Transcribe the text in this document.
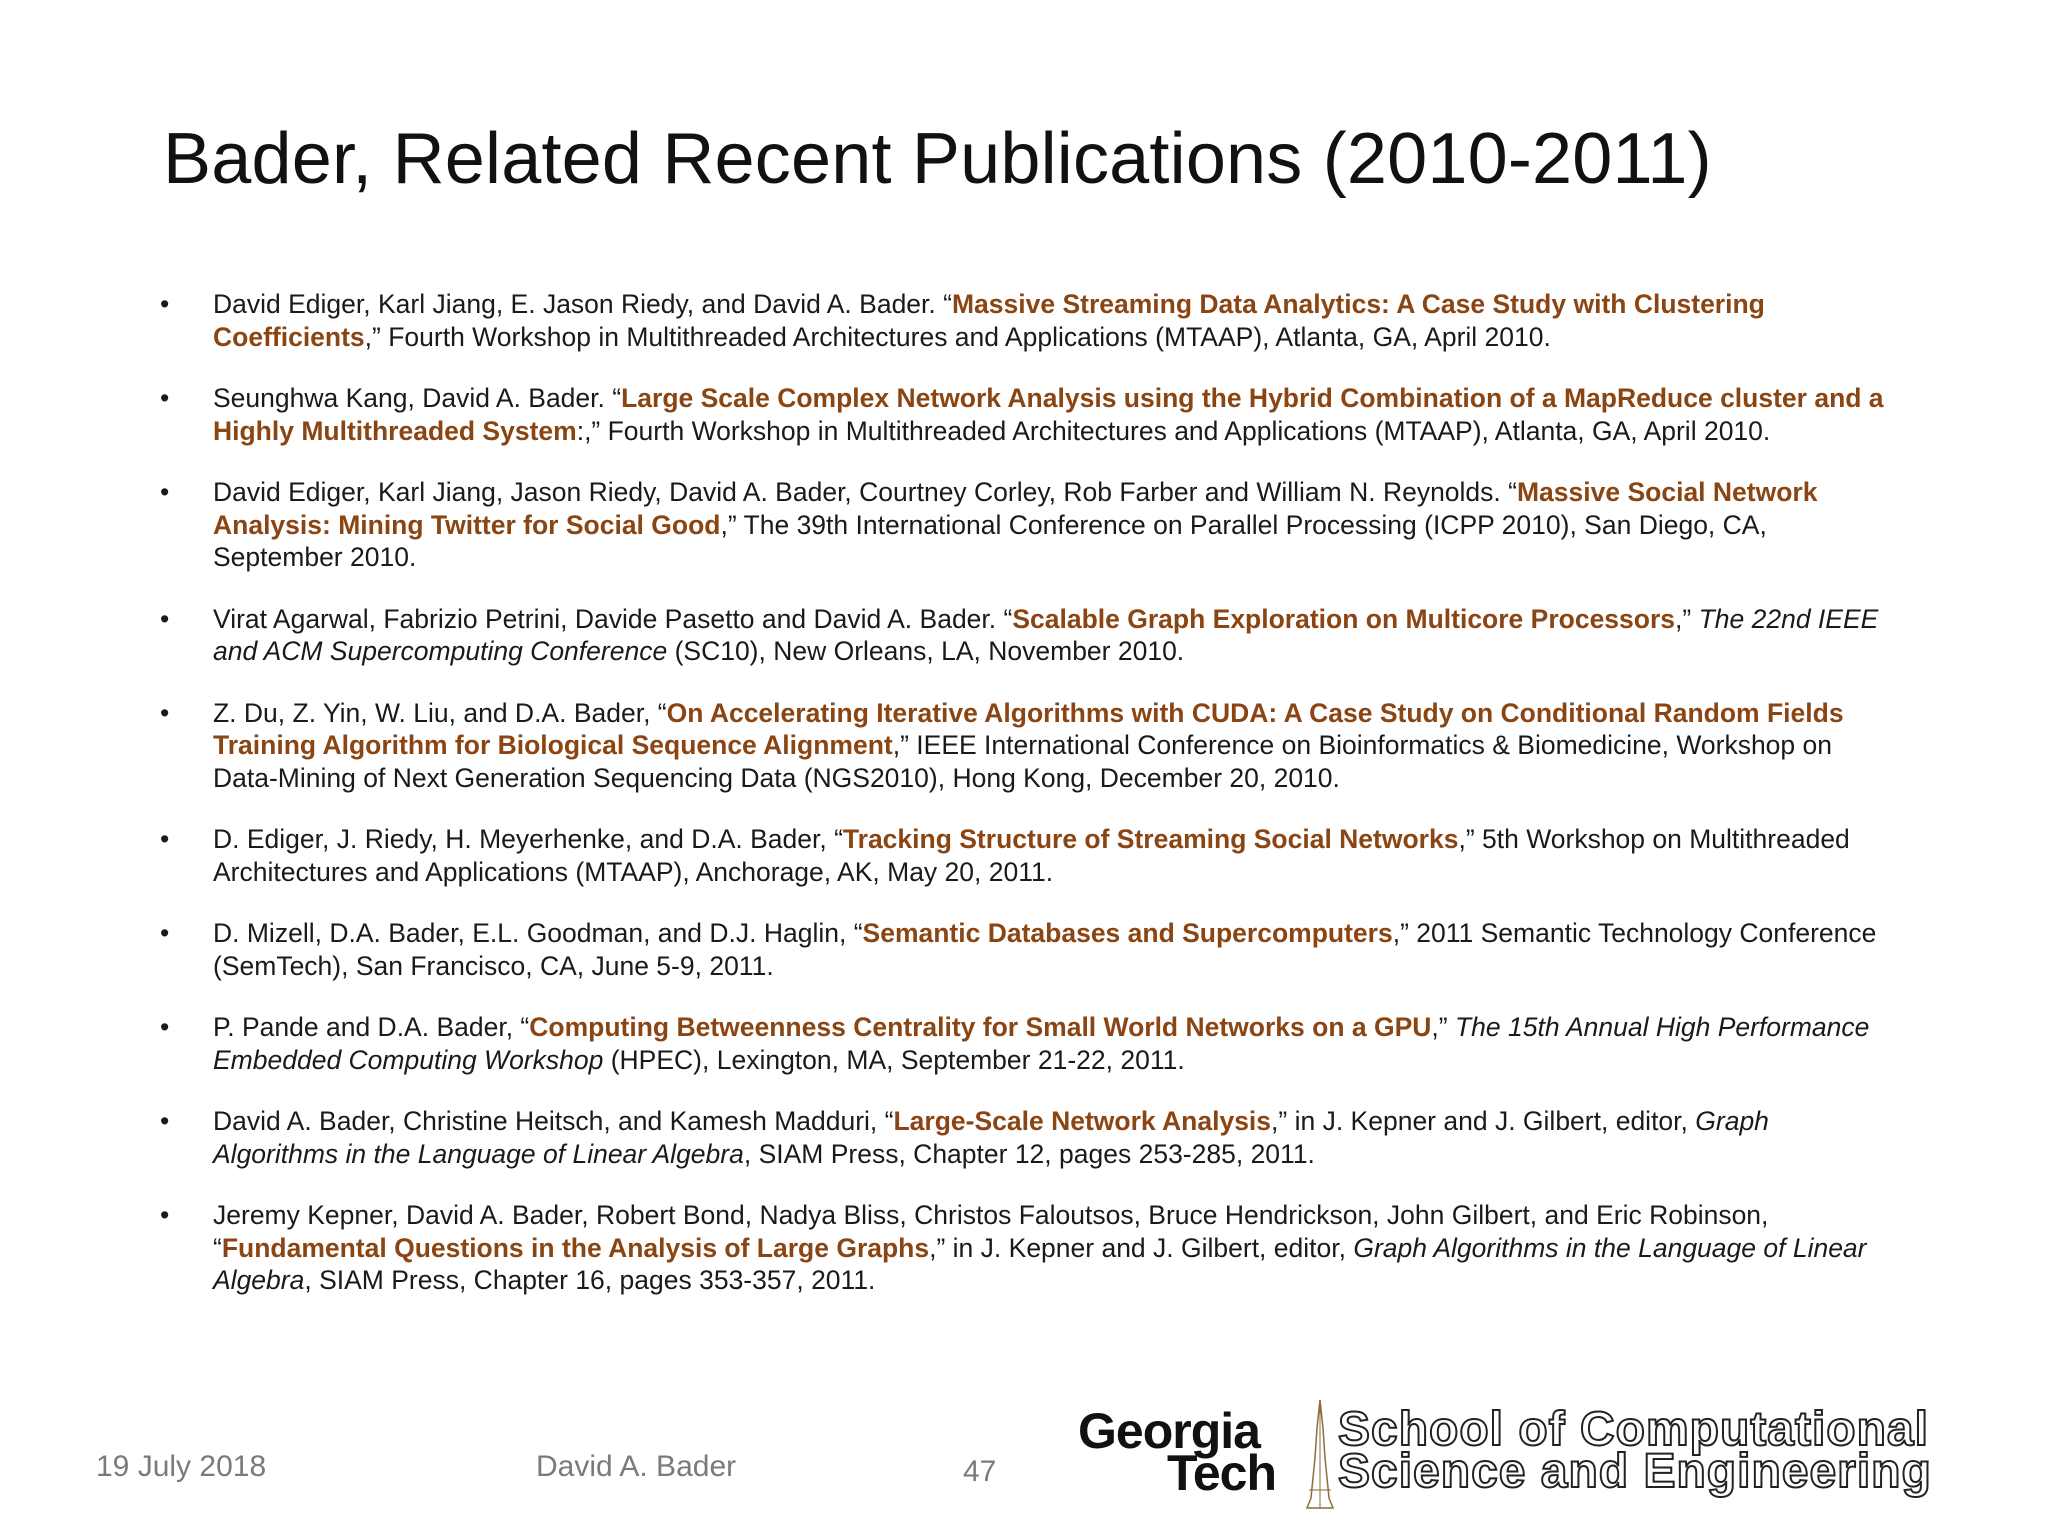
Bader, Related Recent Publications (2010-2011)
•	David Ediger, Karl Jiang, E. Jason Riedy, and David A. Bader. “Massive Streaming Data Analytics: A Case Study with Clustering Coefficients,” Fourth Workshop in Multithreaded Architectures and Applications (MTAAP), Atlanta, GA, April 2010.
•	Seunghwa Kang, David A. Bader. “Large Scale Complex Network Analysis using the Hybrid Combination of a MapReduce cluster and a Highly Multithreaded System:,” Fourth Workshop in Multithreaded Architectures and Applications (MTAAP), Atlanta, GA, April 2010.
•	David Ediger, Karl Jiang, Jason Riedy, David A. Bader, Courtney Corley, Rob Farber and William N. Reynolds. “Massive Social Network Analysis: Mining Twitter for Social Good,” The 39th International Conference on Parallel Processing (ICPP 2010), San Diego, CA, September 2010.
•	Virat Agarwal, Fabrizio Petrini, Davide Pasetto and David A. Bader. “Scalable Graph Exploration on Multicore Processors,” The 22nd IEEE and ACM Supercomputing Conference (SC10), New Orleans, LA, November 2010.
•	Z. Du, Z. Yin, W. Liu, and D.A. Bader, “On Accelerating Iterative Algorithms with CUDA: A Case Study on Conditional Random Fields Training Algorithm for Biological Sequence Alignment,” IEEE International Conference on Bioinformatics & Biomedicine, Workshop on Data-Mining of Next Generation Sequencing Data (NGS2010), Hong Kong, December 20, 2010.
•	D. Ediger, J. Riedy, H. Meyerhenke, and D.A. Bader, “Tracking Structure of Streaming Social Networks,” 5th Workshop on Multithreaded Architectures and Applications (MTAAP), Anchorage, AK, May 20, 2011.
•	D. Mizell, D.A. Bader, E.L. Goodman, and D.J. Haglin, “Semantic Databases and Supercomputers,” 2011 Semantic Technology Conference (SemTech), San Francisco, CA, June 5-9, 2011.
•	P. Pande and D.A. Bader, “Computing Betweenness Centrality for Small World Networks on a GPU,” The 15th Annual High Performance Embedded Computing Workshop (HPEC), Lexington, MA, September 21-22, 2011.
•	David A. Bader, Christine Heitsch, and Kamesh Madduri, “Large-Scale Network Analysis,” in J. Kepner and J. Gilbert, editor, Graph Algorithms in the Language of Linear Algebra, SIAM Press, Chapter 12, pages 253-285, 2011.
•	Jeremy Kepner, David A. Bader, Robert Bond, Nadya Bliss, Christos Faloutsos, Bruce Hendrickson, John Gilbert, and Eric Robinson, “Fundamental Questions in the Analysis of Large Graphs,” in J. Kepner and J. Gilbert, editor, Graph Algorithms in the Language of Linear Algebra, SIAM Press, Chapter 16, pages 353-357, 2011.
19 July 2018	David A. Bader	47
Georgia
Tech
School of Computational
Science and Engineering
